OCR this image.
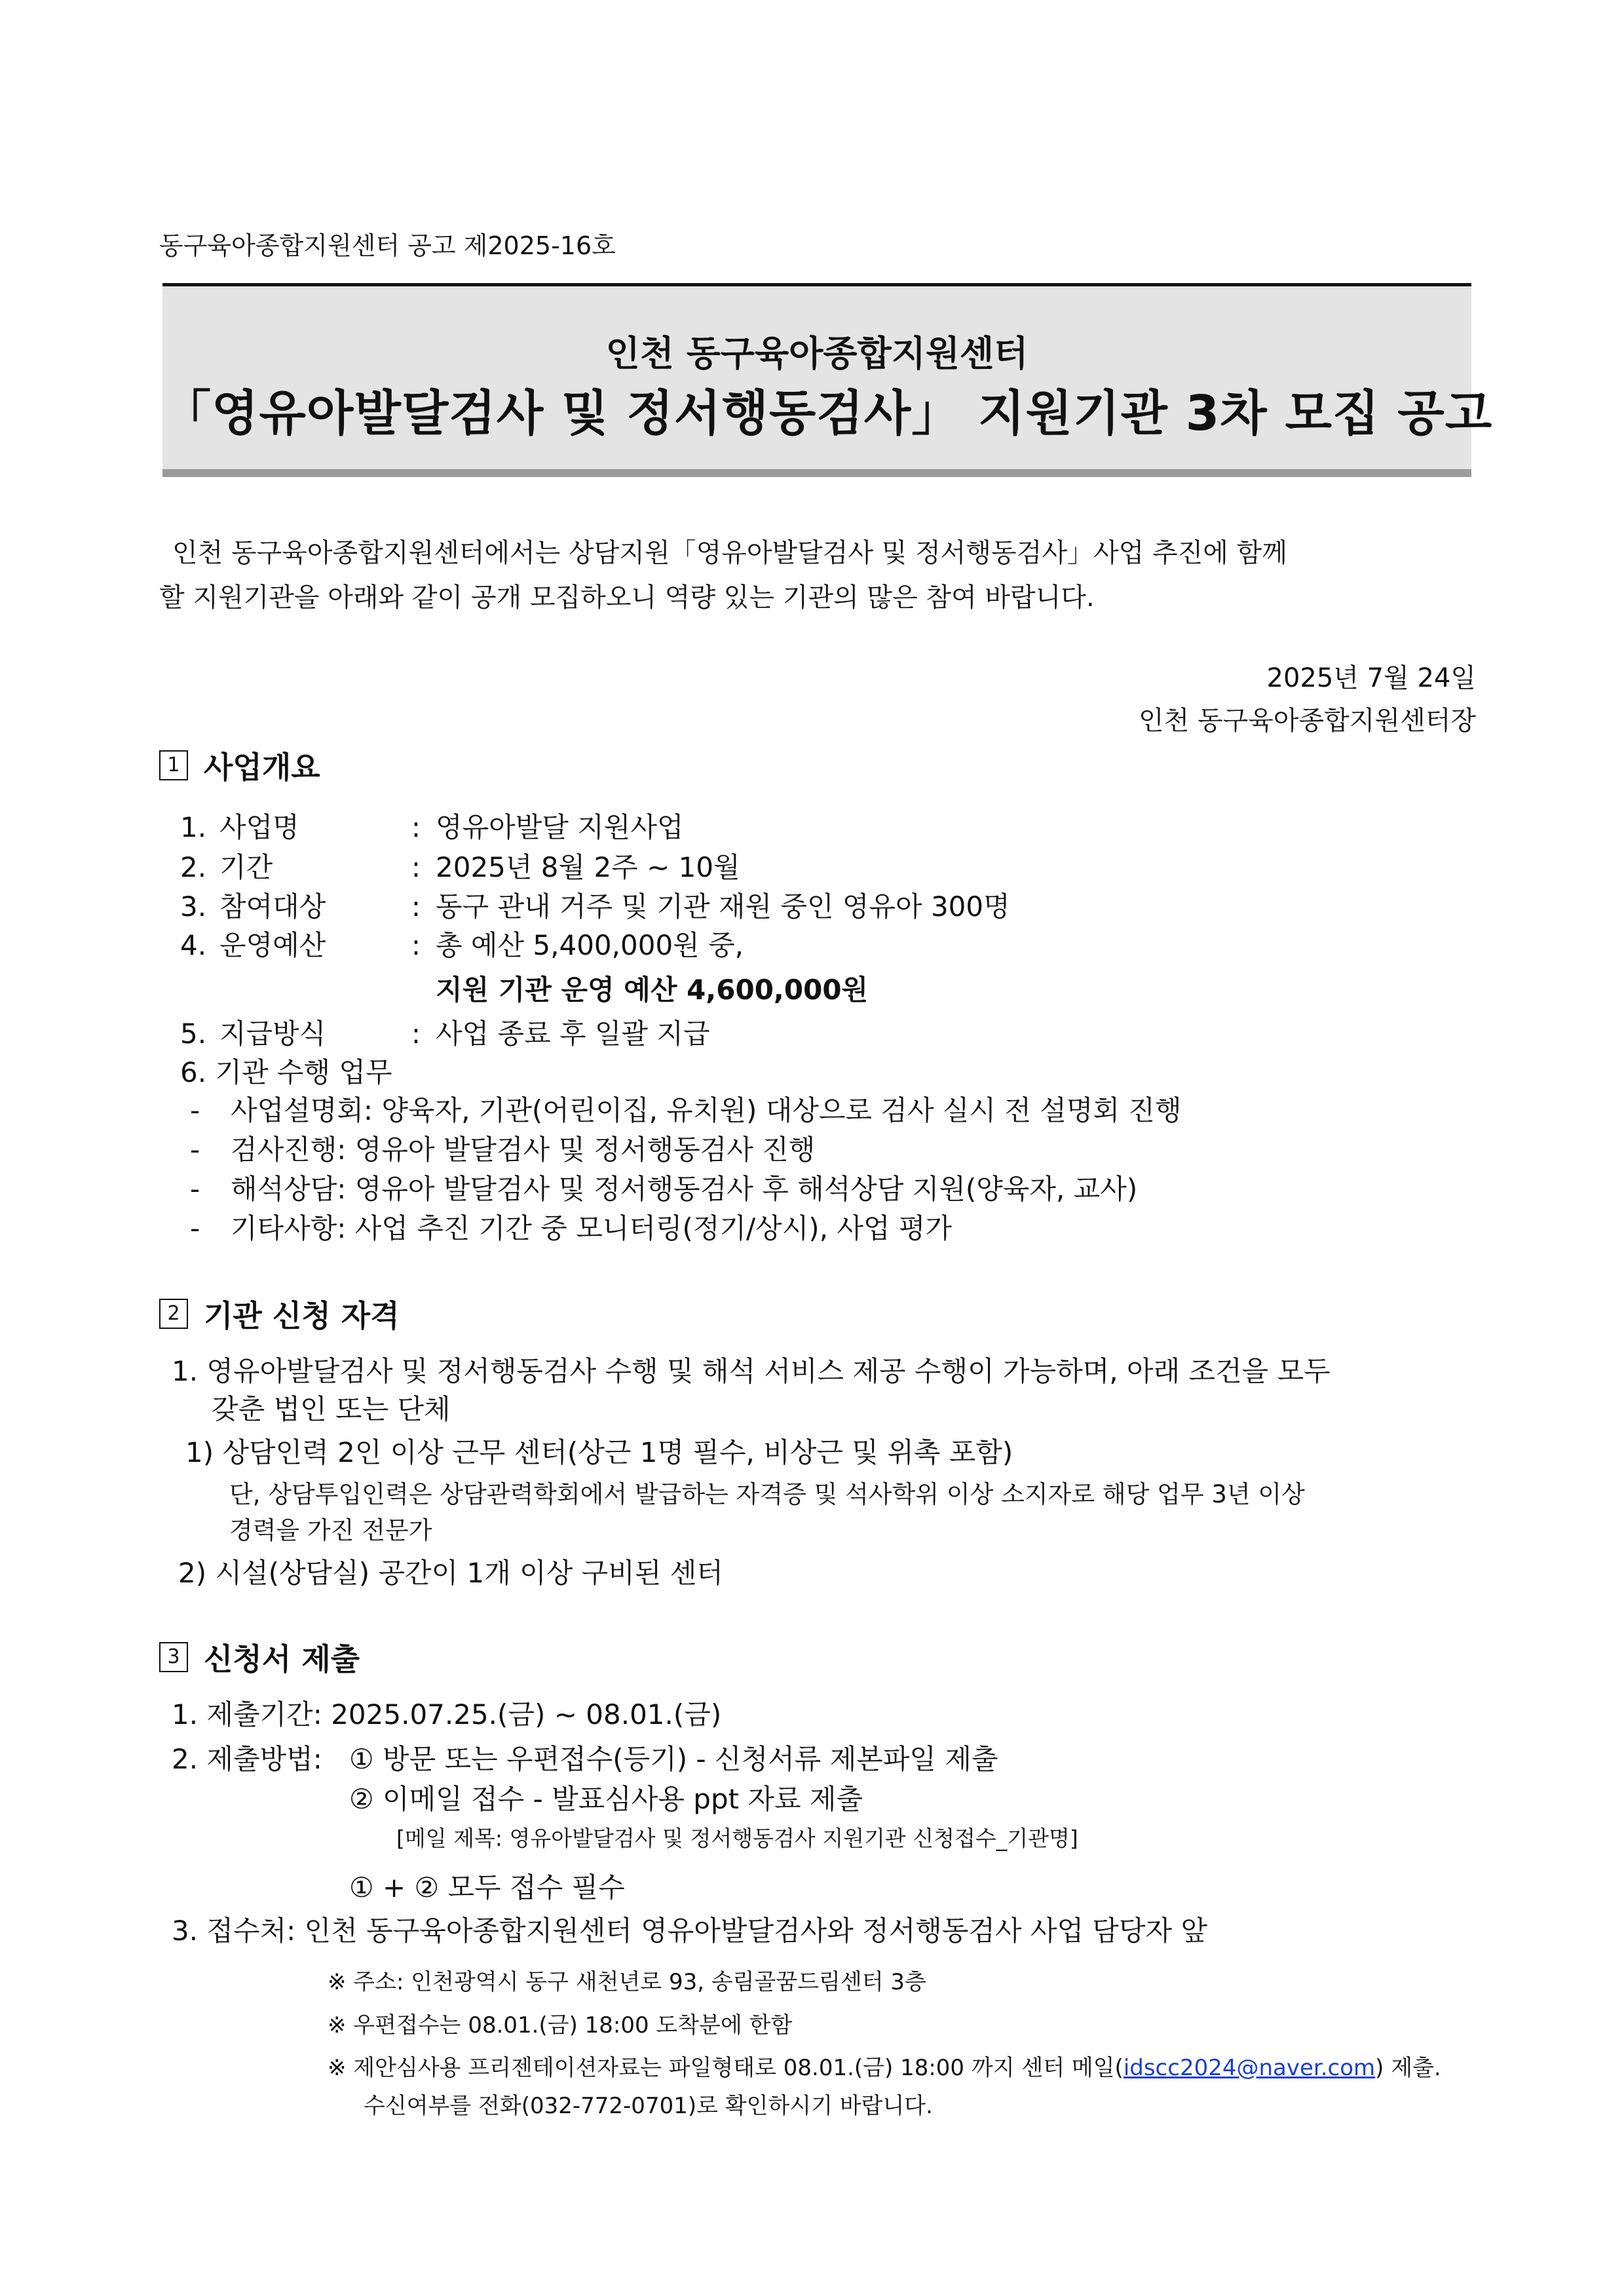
동구육아종합지원센터 공고 제2025-16호
인천 동구육아종합지원센터
「영유아발달검사 및 정서행동검사」 지원기관 3차 모집 공고
인천 동구육아종합지원센터에서는 상담지원「영유아발달검사 및 정서행동검사」사업 추진에 함께
할 지원기관을 아래와 같이 공개 모집하오니 역량 있는 기관의 많은 참여 바랍니다.
2025년 7월 24일
인천 동구육아종합지원센터장
1 사업개요
1. 사업명	: 영유아발달 지원사업
2. 기간	: 2025년 8월 2주 ~ 10월
3. 참여대상	: 동구 관내 거주 및 기관 재원 중인 영유아 300명
4. 운영예산	: 총 예산 5,400,000원 중,
지원 기관 운영 예산 4,600,000원
5. 지급방식	: 사업 종료 후 일괄 지급
6. 기관 수행 업무
- 사업설명회: 양육자, 기관(어린이집, 유치원) 대상으로 검사 실시 전 설명회 진행
- 검사진행: 영유아 발달검사 및 정서행동검사 진행
- 해석상담: 영유아 발달검사 및 정서행동검사 후 해석상담 지원(양육자, 교사)
- 기타사항: 사업 추진 기간 중 모니터링(정기/상시), 사업 평가
2 기관 신청 자격
1. 영유아발달검사 및 정서행동검사 수행 및 해석 서비스 제공 수행이 가능하며, 아래 조건을 모두
갖춘 법인 또는 단체
1) 상담인력 2인 이상 근무 센터(상근 1명 필수, 비상근 및 위촉 포함)
단, 상담투입인력은 상담관력학회에서 발급하는 자격증 및 석사학위 이상 소지자로 해당 업무 3년 이상
경력을 가진 전문가
2) 시설(상담실) 공간이 1개 이상 구비된 센터
3 신청서 제출
1. 제출기간: 2025.07.25.(금) ~ 08.01.(금)
2. 제출방법: ① 방문 또는 우편접수(등기) - 신청서류 제본파일 제출
② 이메일 접수 - 발표심사용 ppt 자료 제출
[메일 제목: 영유아발달검사 및 정서행동검사 지원기관 신청접수_기관명]
① + ② 모두 접수 필수
3. 접수처: 인천 동구육아종합지원센터 영유아발달검사와 정서행동검사 사업 담당자 앞
※ 주소: 인천광역시 동구 새천년로 93, 송림골꿈드림센터 3층
※ 우편접수는 08.01.(금) 18:00 도착분에 한함
※ 제안심사용 프리젠테이션자료는 파일형태로 08.01.(금) 18:00 까지 센터 메일(idscc2024@naver.com) 제출.
수신여부를 전화(032-772-0701)로 확인하시기 바랍니다.
